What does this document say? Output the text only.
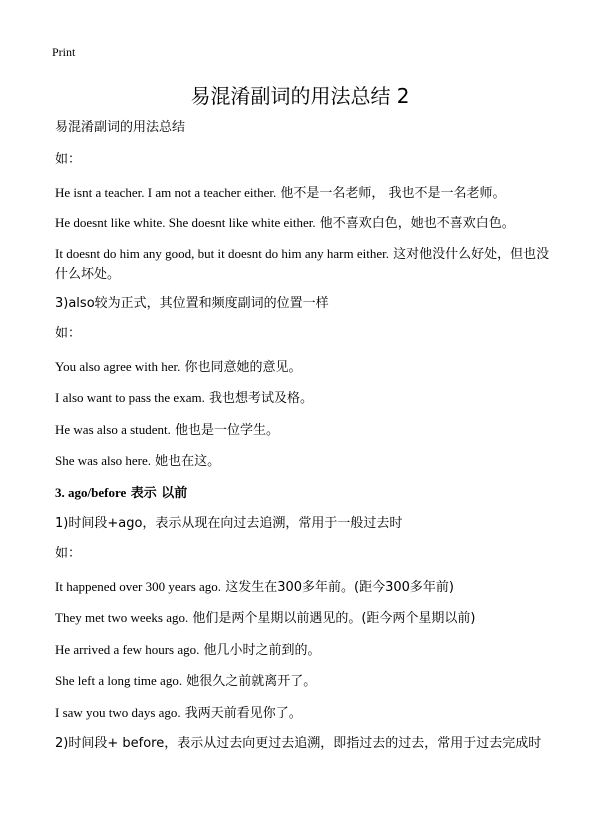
Print
易混淆副词的用法总结 2

易混淆副词的用法总结

如：

He isnt a teacher. I am not a teacher either. 他不是一名老师， 我也不是一名老师。

He doesnt like white. She doesnt like white either. 他不喜欢白色，她也不喜欢白色。

It doesnt do him any good, but it doesnt do him any harm either. 这对他没什么好处，但也没什么坏处。

3)also较为正式，其位置和频度副词的位置一样

如：

You also agree with her. 你也同意她的意见。

I also want to pass the exam. 我也想考试及格。

He was also a student. 他也是一位学生。

She was also here. 她也在这。

3. ago/before 表示 以前

1)时间段+ago，表示从现在向过去追溯，常用于一般过去时

如：

It happened over 300 years ago. 这发生在300多年前。(距今300多年前)

They met two weeks ago. 他们是两个星期以前遇见的。(距今两个星期以前)

He arrived a few hours ago. 他几小时之前到的。

She left a long time ago. 她很久之前就离开了。

I saw you two days ago. 我两天前看见你了。

2)时间段+ before，表示从过去向更过去追溯，即指过去的过去，常用于过去完成时
